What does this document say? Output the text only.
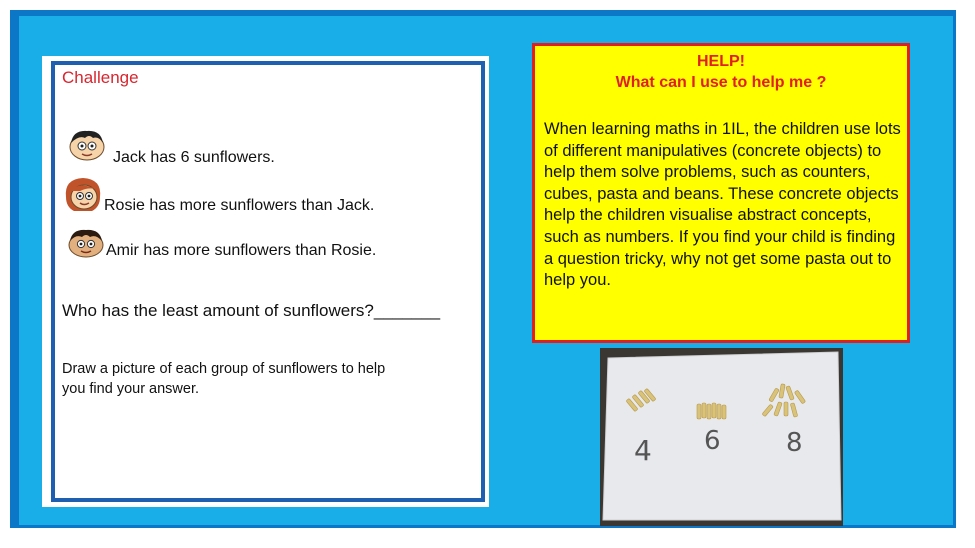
Challenge
Jack has 6 sunflowers.
Rosie has more sunflowers than Jack.
Amir has more sunflowers than Rosie.
Who has the least amount of sunflowers?_______
Draw a picture of each group of sunflowers to help
you find your answer.
HELP!
What can I use to help me ?
When learning maths in 1IL, the children use lots of different manipulatives (concrete objects) to help them solve problems, such as counters, cubes, pasta and beans. These concrete objects help the children visualise abstract concepts, such as numbers. If you find your child is finding a question tricky, why not get some pasta out to help you.
4 6	8
